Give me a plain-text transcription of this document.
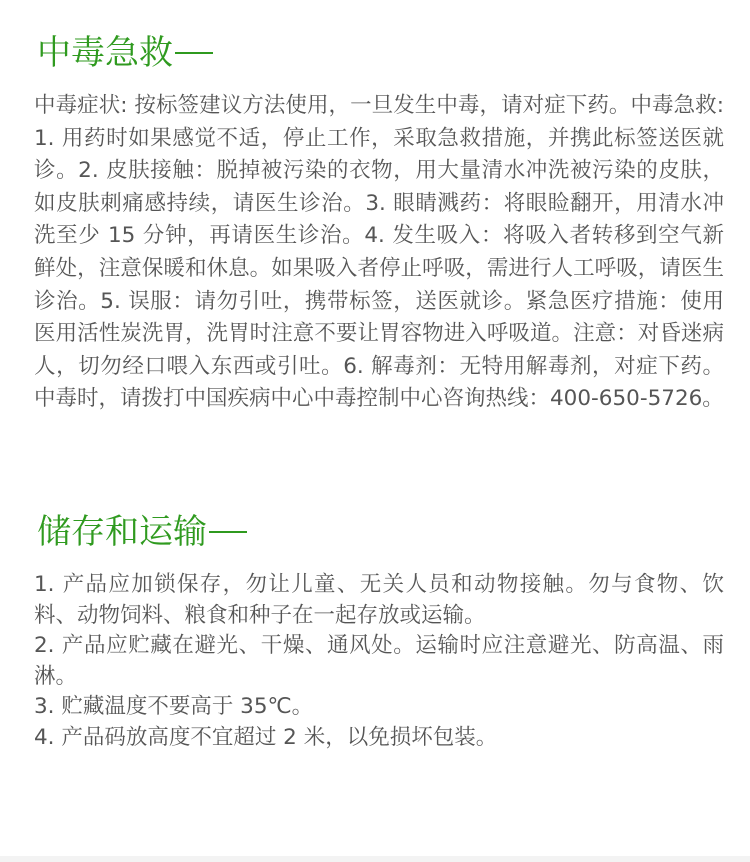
中毒急救
中毒症状: 按标签建议方法使用，一旦发生中毒，请对症下药。中毒急救: 1. 用药时如果感觉不适，停止工作，采取急救措施，并携此标签送医就诊。2. 皮肤接触：脱掉被污染的衣物，用大量清水冲洗被污染的皮肤，如皮肤刺痛感持续，请医生诊治。3. 眼睛溅药：将眼睑翻开，用清水冲洗至少 15 分钟，再请医生诊治。4. 发生吸入：将吸入者转移到空气新鲜处，注意保暖和休息。如果吸入者停止呼吸，需进行人工呼吸，请医生诊治。5. 误服：请勿引吐，携带标签，送医就诊。紧急医疗措施：使用医用活性炭洗胃，洗胃时注意不要让胃容物进入呼吸道。注意：对昏迷病人，切勿经口喂入东西或引吐。6. 解毒剂：无特用解毒剂，对症下药。中毒时，请拨打中国疾病中心中毒控制中心咨询热线：400-650-5726。
储存和运输
1. 产品应加锁保存，勿让儿童、无关人员和动物接触。勿与食物、饮料、动物饲料、粮食和种子在一起存放或运输。
2. 产品应贮藏在避光、干燥、通风处。运输时应注意避光、防高温、雨淋。
3. 贮藏温度不要高于 35℃。
4. 产品码放高度不宜超过 2 米，以免损坏包装。
